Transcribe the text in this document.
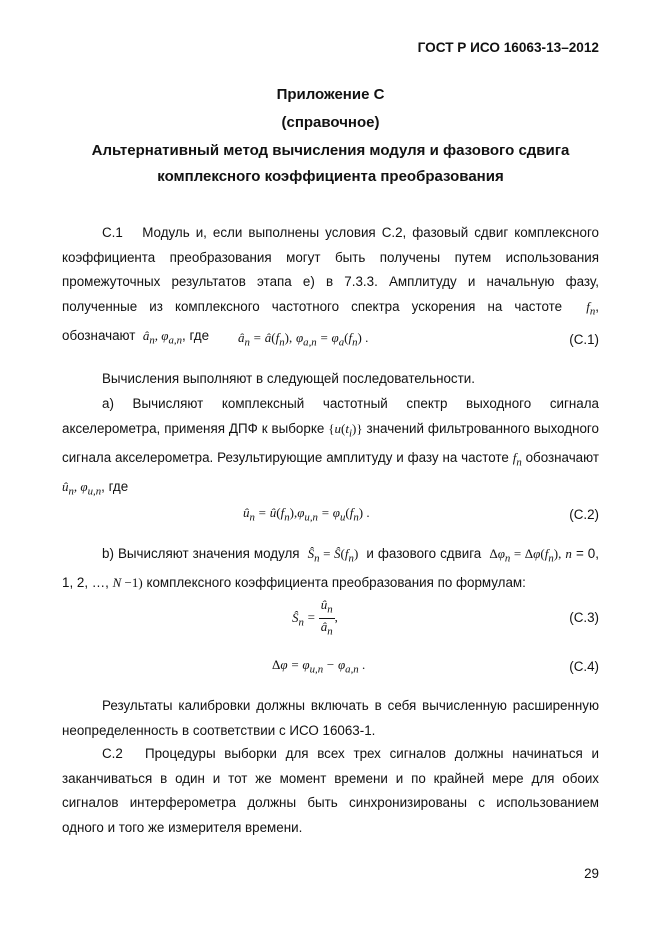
ГОСТ Р ИСО 16063-13–2012
Приложение С
(справочное)
Альтернативный метод вычисления модуля и фазового сдвига
комплексного коэффициента преобразования

С.1  Модуль и, если выполнены условия С.2, фазовый сдвиг комплексного коэффициента преобразования могут быть получены путем использования промежуточных результатов этапа е) в 7.3.3. Амплитуду и начальную фазу, полученные из комплексного частотного спектра ускорения на частоте $f_n$, обозначают $â_n$, $\varphi_{a,n}$, где	$â_n$ = $â(f_n)$, $\varphi_{a,n} = \varphi_a(f_n)$ .	(С.1)

Вычисления выполняют в следующей последовательности.

а) Вычисляют комплексный частотный спектр выходного сигнала акселерометра, применяя ДПФ к выборке $\{u(t_i)\}$ значений фильтрованного выходного сигнала акселерометра. Результирующие амплитуду и фазу на частоте $f_n$ обозначают $û_n$, $\varphi_{u,n}$, где

$û_n$ = $û(f_n),\varphi_{u,n} = \varphi_u(f_n)$ .	(С.2)

b) Вычисляют значения модуля $Ŝ_n$ = $Ŝ(f_n)$ и фазового сдвига $\Delta\varphi_n = \Delta\varphi(f_n)$, n = 0, 1, 2, …, N −1) комплексного коэффициента преобразования по формулам:

$Ŝ_n = \frac{û_n}{â_n}$ ,	(С.3)
$\Delta\varphi = \varphi_{u,n} - \varphi_{a,n}$ .	(С.4)

Результаты калибровки должны включать в себя вычисленную расширенную неопределенность в соответствии с ИСО 16063-1.

С.2  Процедуры выборки для всех трех сигналов должны начинаться и заканчиваться в один и тот же момент времени и по крайней мере для обоих сигналов интерферометра должны быть синхронизированы с использованием одного и того же измерителя времени.

29
